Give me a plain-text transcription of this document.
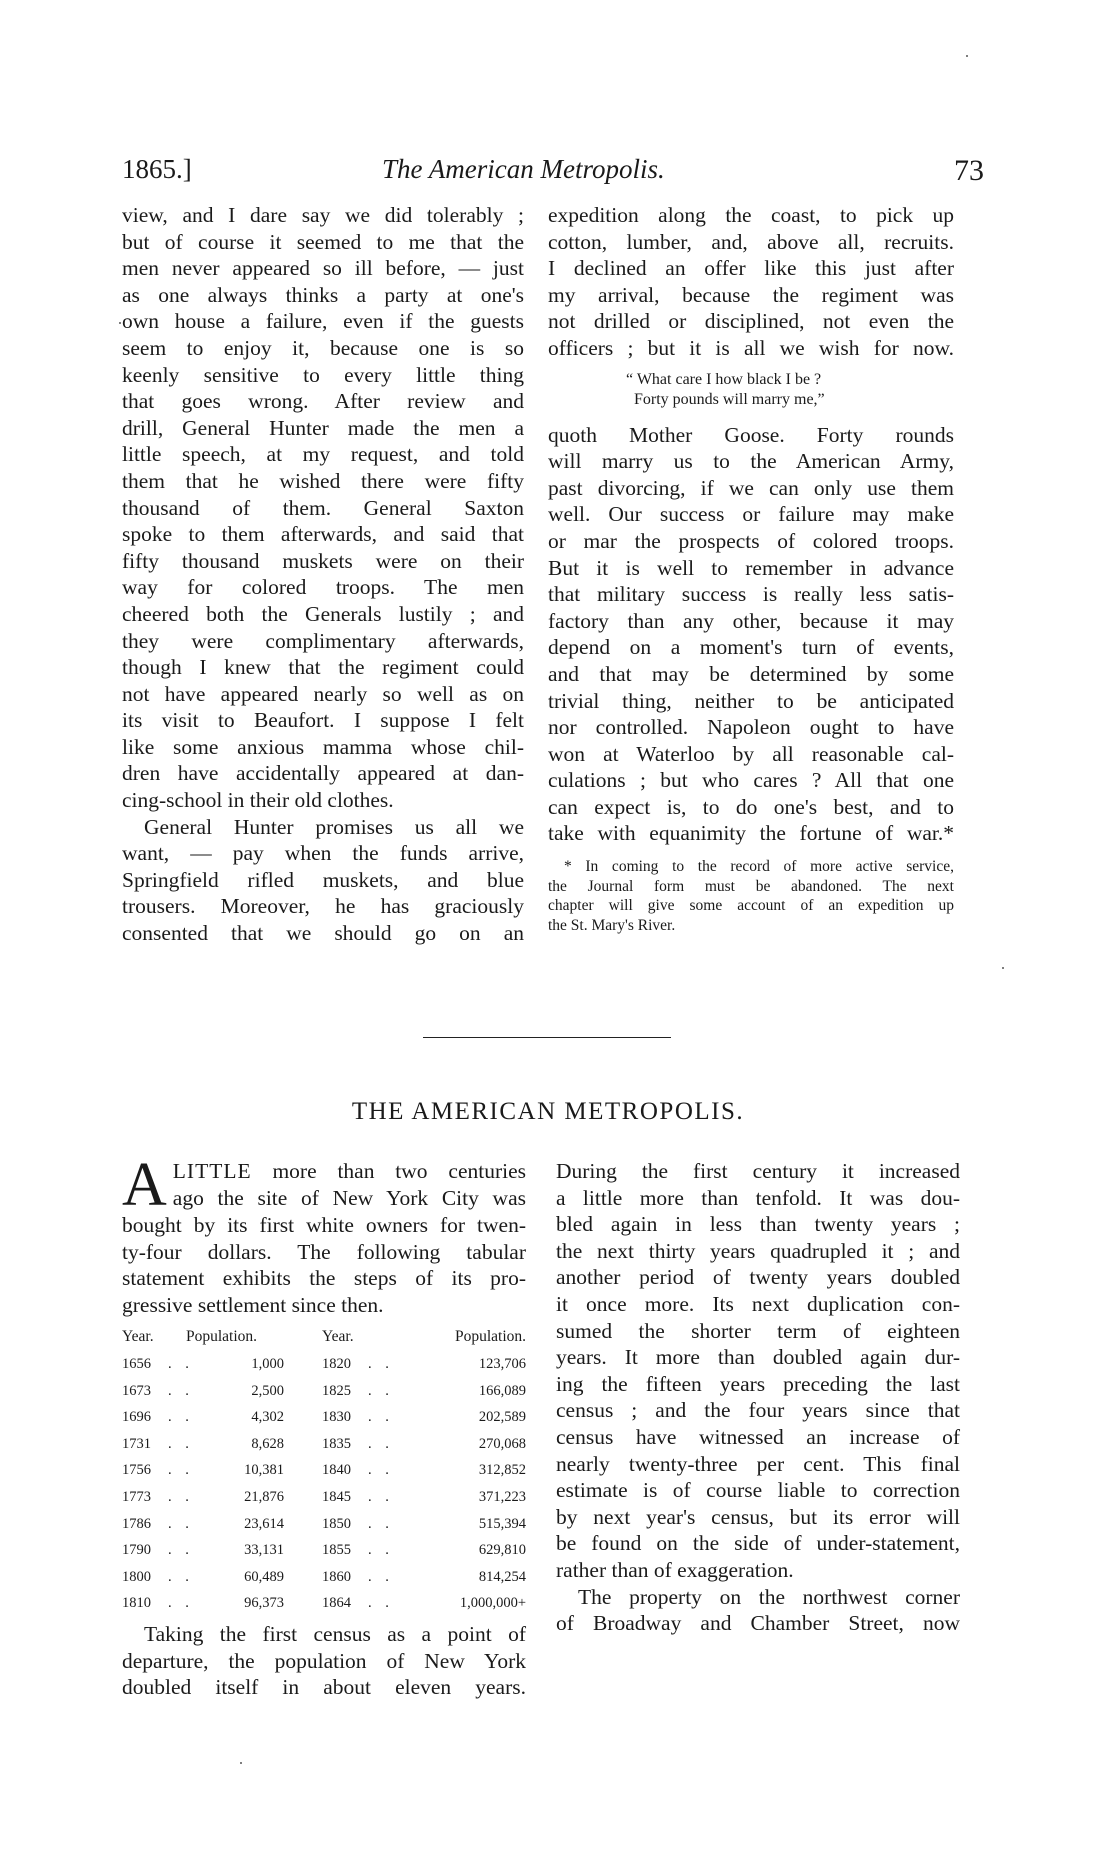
1865.]	The American Metropolis.	73

view, and I dare say we did tolerably ;
but of course it seemed to me that the
men never appeared so ill before, — just
as one always thinks a party at one's
own house a failure, even if the guests
seem to enjoy it, because one is so
keenly sensitive to every little thing
that goes wrong. After review and
drill, General Hunter made the men a
little speech, at my request, and told
them that he wished there were fifty
thousand of them. General Saxton
spoke to them afterwards, and said that
fifty thousand muskets were on their
way for colored troops. The men
cheered both the Generals lustily ; and
they were complimentary afterwards,
though I knew that the regiment could
not have appeared nearly so well as on
its visit to Beaufort. I suppose I felt
like some anxious mamma whose chil-
dren have accidentally appeared at dan-
cing-school in their old clothes.

General Hunter promises us all we
want, — pay when the funds arrive,
Springfield rifled muskets, and blue
trousers. Moreover, he has graciously
consented that we should go on an

expedition along the coast, to pick up
cotton, lumber, and, above all, recruits.
I declined an offer like this just after
my arrival, because the regiment was
not drilled or disciplined, not even the
officers ; but it is all we wish for now.

“ What care I how black I be ?
Forty pounds will marry me,”

quoth Mother Goose. Forty rounds
will marry us to the American Army,
past divorcing, if we can only use them
well. Our success or failure may make
or mar the prospects of colored troops.
But it is well to remember in advance
that military success is really less satis-
factory than any other, because it may
depend on a moment's turn of events,
and that may be determined by some
trivial thing, neither to be anticipated
nor controlled. Napoleon ought to have
won at Waterloo by all reasonable cal-
culations ; but who cares ? All that one
can expect is, to do one's best, and to
take with equanimity the fortune of war.*

* In coming to the record of more active service,
the Journal form must be abandoned. The next
chapter will give some account of an expedition up
the St. Mary's River.
THE AMERICAN METROPOLIS.

A LITTLE more than two centuries
ago the site of New York City was
bought by its first white owners for twen-
ty-four dollars. The following tabular
statement exhibits the steps of its pro-
gressive settlement since then.

Year.	Population.		Year.	Population.	
1656	. .	1,000	1820	. .	123,706
1673	. .	2,500	1825	. .	166,089
1696	. .	4,302	1830	. .	202,589
1731	. .	8,628	1835	. .	270,068
1756	. .	10,381	1840	. .	312,852
1773	. .	21,876	1845	. .	371,223
1786	. .	23,614	1850	. .	515,394
1790	. .	33,131	1855	. .	629,810
1800	. .	60,489	1860	. .	814,254
1810	. .	96,373	1864	. .	1,000,000+

Taking the first census as a point of
departure, the population of New York
doubled itself in about eleven years.

During the first century it increased
a little more than tenfold. It was dou-
bled again in less than twenty years ;
the next thirty years quadrupled it ; and
another period of twenty years doubled
it once more. Its next duplication con-
sumed the shorter term of eighteen
years. It more than doubled again dur-
ing the fifteen years preceding the last
census ; and the four years since that
census have witnessed an increase of
nearly twenty-three per cent. This final
estimate is of course liable to correction
by next year's census, but its error will
be found on the side of under-statement,
rather than of exaggeration.

The property on the northwest corner
of Broadway and Chamber Street, now
